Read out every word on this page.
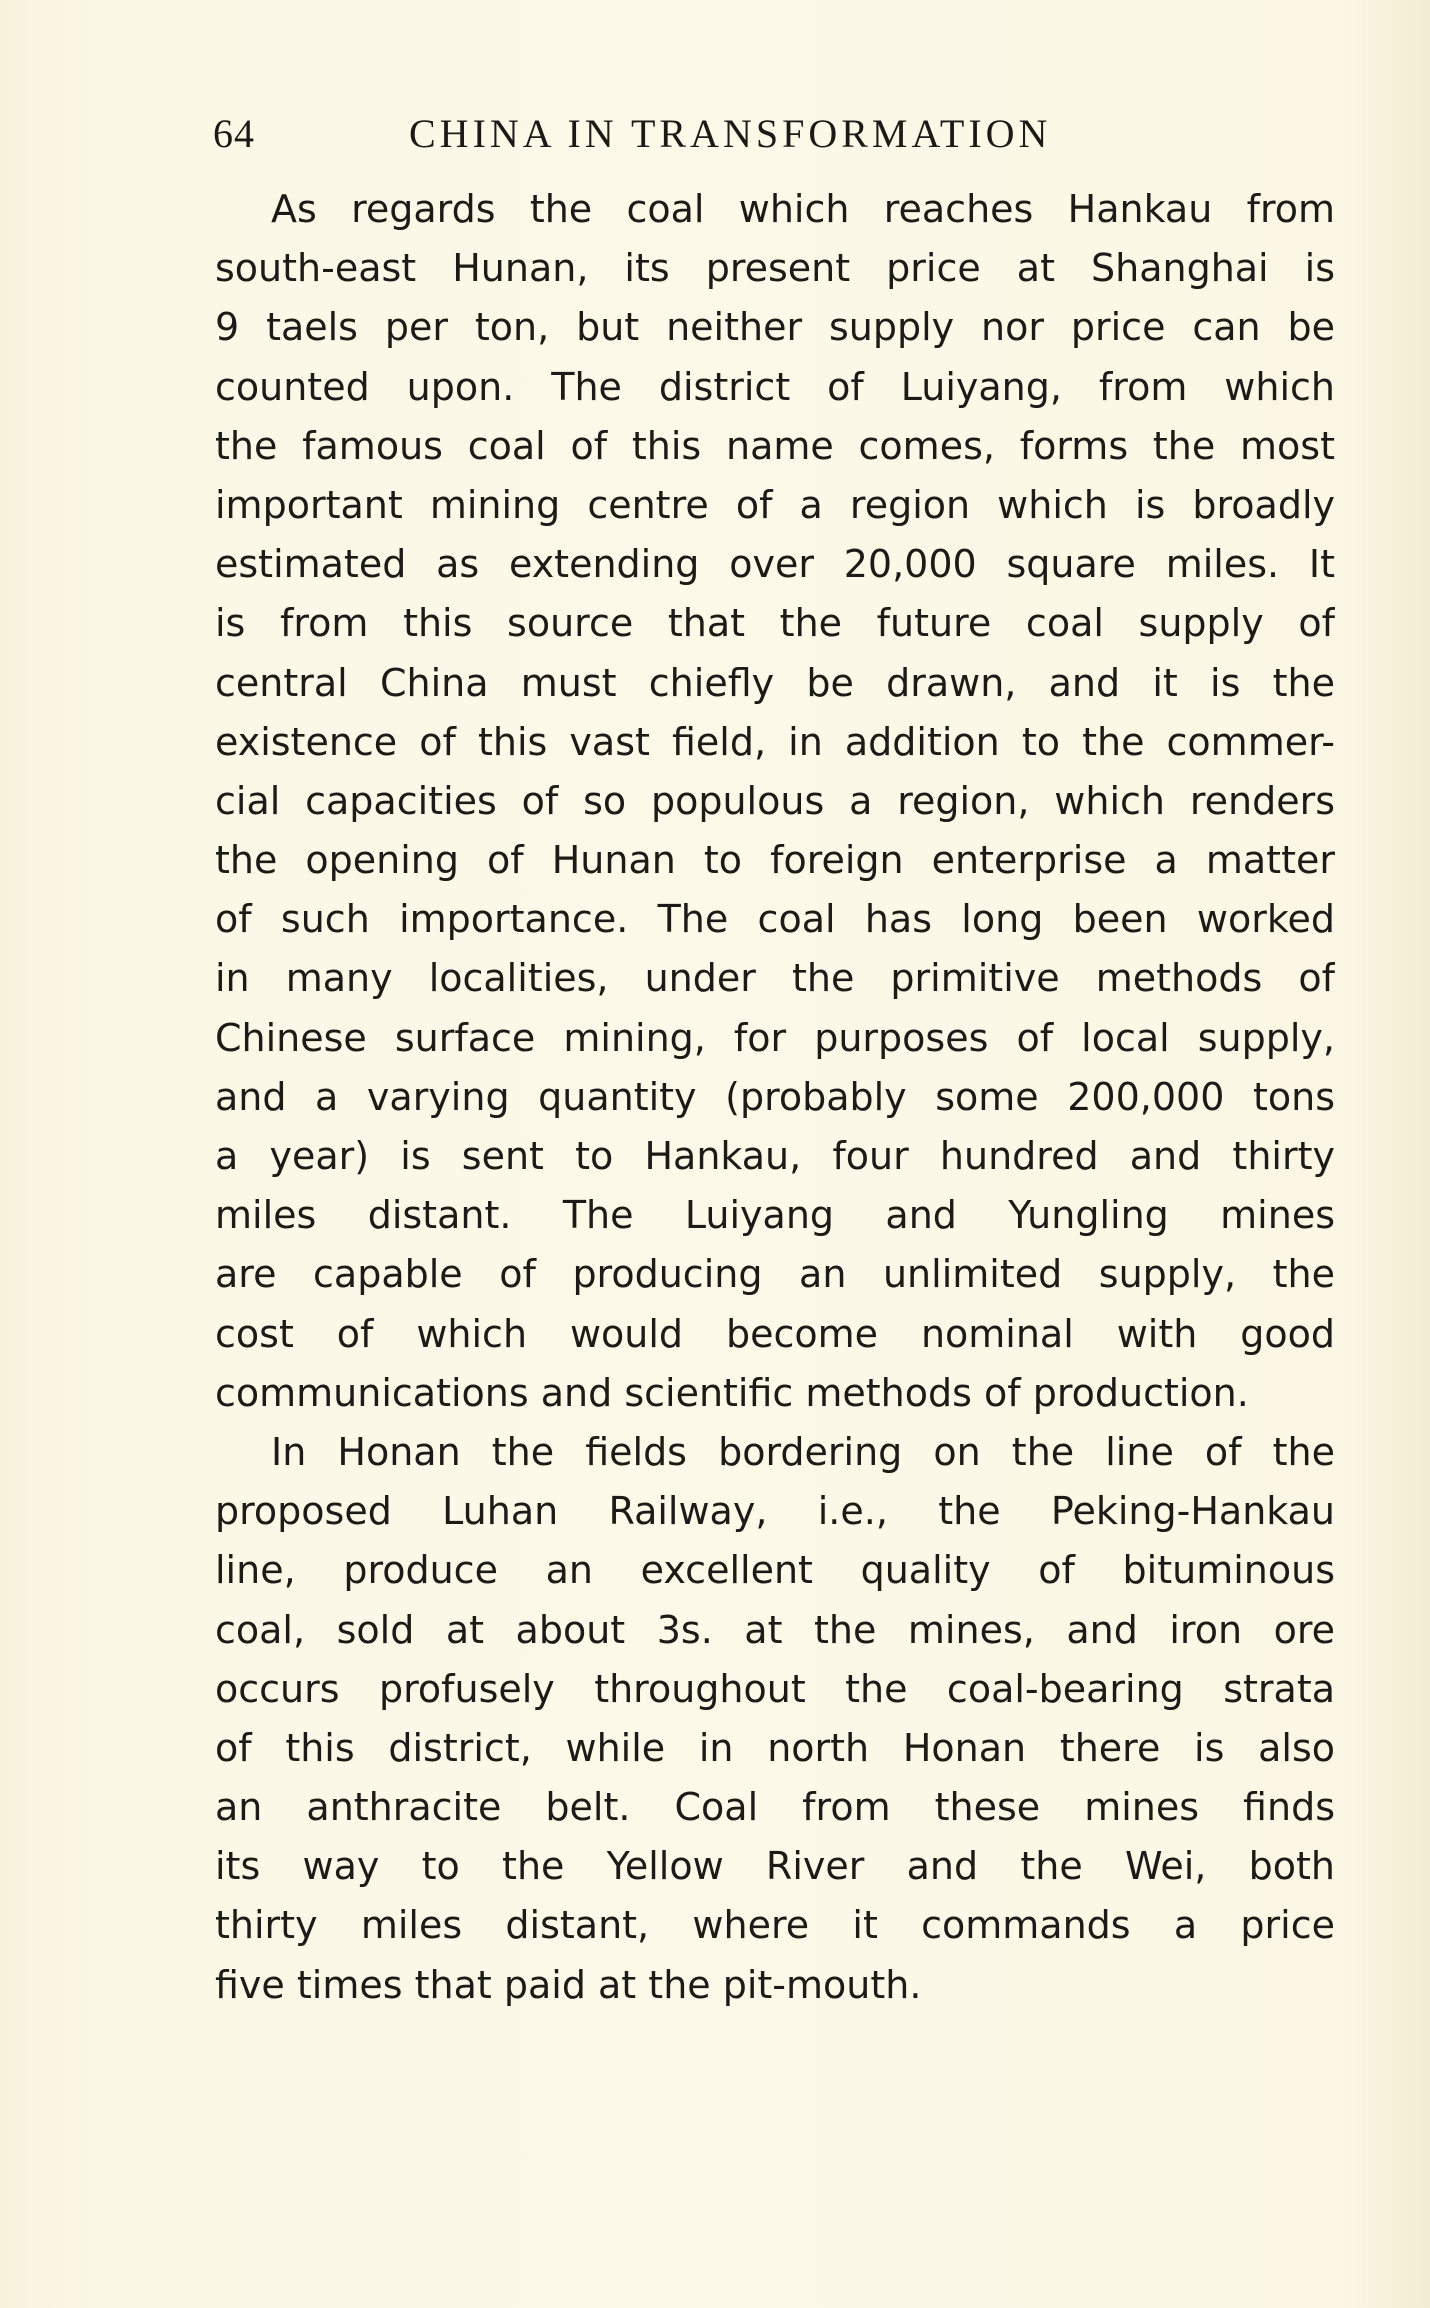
64	CHINA IN TRANSFORMATION
As regards the coal which reaches Hankau from
south-east Hunan, its present price at Shanghai is
9 taels per ton, but neither supply nor price can be
counted upon. The district of Luiyang, from which
the famous coal of this name comes, forms the most
important mining centre of a region which is broadly
estimated as extending over 20,000 square miles. It
is from this source that the future coal supply of
central China must chiefly be drawn, and it is the
existence of this vast field, in addition to the commer-
cial capacities of so populous a region, which renders
the opening of Hunan to foreign enterprise a matter
of such importance. The coal has long been worked
in many localities, under the primitive methods of
Chinese surface mining, for purposes of local supply,
and a varying quantity (probably some 200,000 tons
a year) is sent to Hankau, four hundred and thirty
miles distant. The Luiyang and Yungling mines
are capable of producing an unlimited supply, the
cost of which would become nominal with good
communications and scientific methods of production.
In Honan the fields bordering on the line of the
proposed Luhan Railway, i.e., the Peking-Hankau
line, produce an excellent quality of bituminous
coal, sold at about 3s. at the mines, and iron ore
occurs profusely throughout the coal-bearing strata
of this district, while in north Honan there is also
an anthracite belt. Coal from these mines finds
its way to the Yellow River and the Wei, both
thirty miles distant, where it commands a price
five times that paid at the pit-mouth.
